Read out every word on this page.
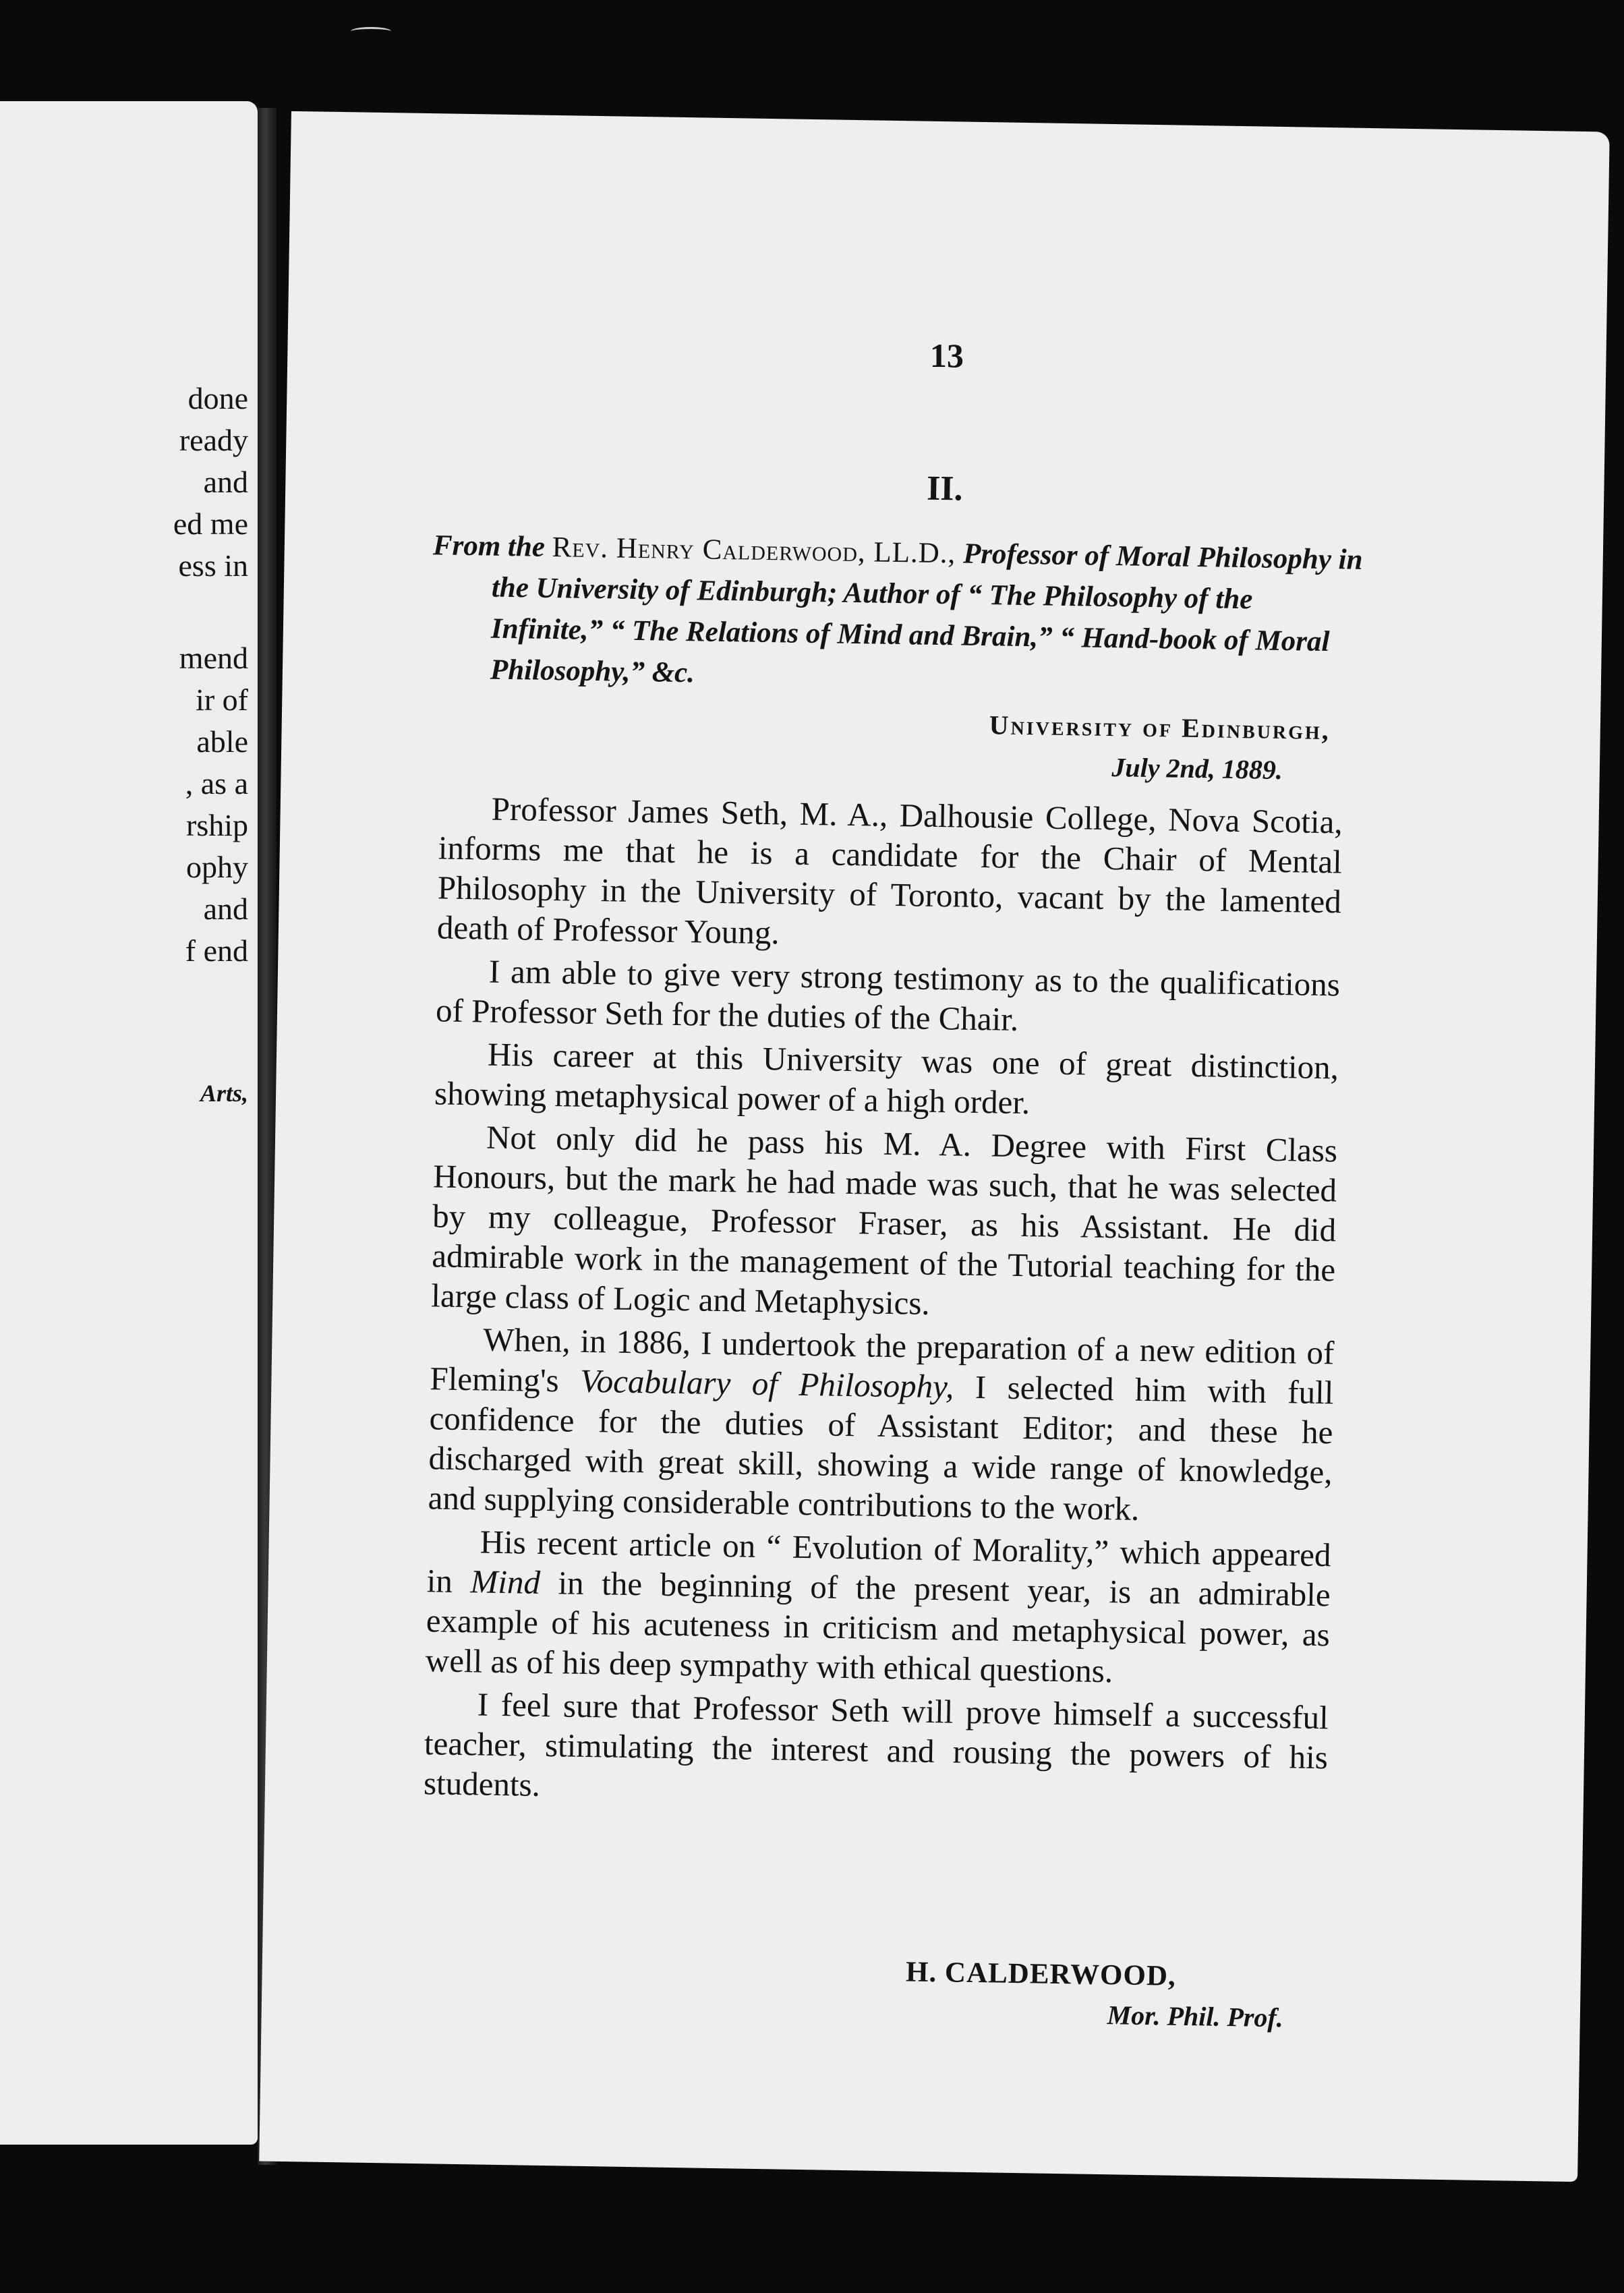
done
ready
and
ed me
ess in
mend
ir of
able
, as a
rship
ophy
and
f end
Arts,
13
II.
From the Rev. Henry Calderwood, LL.D., Professor of Moral Philosophy in the University of Edinburgh; Author of “ The Philosophy of the Infinite,” “ The Relations of Mind and Brain,” “ Hand-book of Moral Philosophy,” &c.
University of Edinburgh,
July 2nd, 1889.

Professor James Seth, M. A., Dalhousie College, Nova Scotia, informs me that he is a candidate for the Chair of Mental Philosophy in the University of Toronto, vacant by the lamented death of Professor Young.

I am able to give very strong testimony as to the qualifications of Professor Seth for the duties of the Chair.

His career at this University was one of great distinction, showing metaphysical power of a high order.

Not only did he pass his M. A. Degree with First Class Honours, but the mark he had made was such, that he was selected by my colleague, Professor Fraser, as his Assistant. He did admirable work in the management of the Tutorial teaching for the large class of Logic and Metaphysics.

When, in 1886, I undertook the preparation of a new edition of Fleming's Vocabulary of Philosophy, I selected him with full confidence for the duties of Assistant Editor; and these he discharged with great skill, showing a wide range of knowledge, and supplying considerable contributions to the work.

His recent article on “ Evolution of Morality,” which appeared in Mind in the beginning of the present year, is an admirable example of his acuteness in criticism and metaphysical power, as well as of his deep sympathy with ethical questions.

I feel sure that Professor Seth will prove himself a successful teacher, stimulating the interest and rousing the powers of his students.

H. CALDERWOOD,
Mor. Phil. Prof.
